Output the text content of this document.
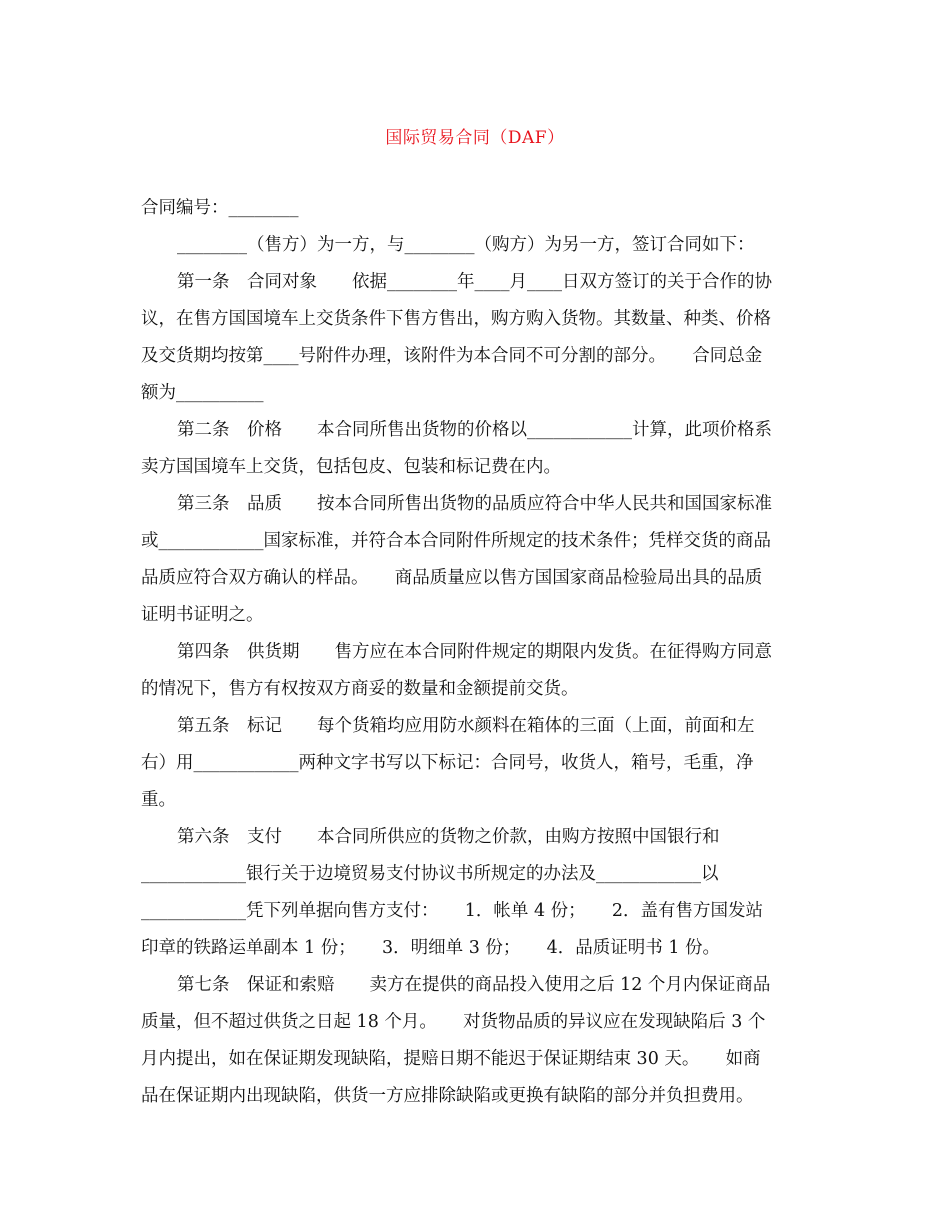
国际贸易合同（DAF）
合同编号：________
________（售方）为一方，与________（购方）为另一方，签订合同如下：
第一条　合同对象　　依据________年____月____日双方签订的关于合作的协
议，在售方国国境车上交货条件下售方售出，购方购入货物。其数量、种类、价格
及交货期均按第____号附件办理，该附件为本合同不可分割的部分。　　合同总金
额为__________
第二条　价格　　本合同所售出货物的价格以____________计算，此项价格系
卖方国国境车上交货，包括包皮、包装和标记费在内。
第三条　品质　　按本合同所售出货物的品质应符合中华人民共和国国家标准
或____________国家标准，并符合本合同附件所规定的技术条件；凭样交货的商品
品质应符合双方确认的样品。　　商品质量应以售方国国家商品检验局出具的品质
证明书证明之。
第四条　供货期　　售方应在本合同附件规定的期限内发货。在征得购方同意
的情况下，售方有权按双方商妥的数量和金额提前交货。
第五条　标记　　每个货箱均应用防水颜料在箱体的三面（上面，前面和左
右）用____________两种文字书写以下标记：合同号，收货人，箱号，毛重，净
重。
第六条　支付　　本合同所供应的货物之价款，由购方按照中国银行和
____________银行关于边境贸易支付协议书所规定的办法及____________以
____________凭下列单据向售方支付：　　1．帐单 4 份；　　2．盖有售方国发站
印章的铁路运单副本 1 份；　　3．明细单 3 份；　　4．品质证明书 1 份。
第七条　保证和索赔　　卖方在提供的商品投入使用之后 12 个月内保证商品
质量，但不超过供货之日起 18 个月。　　对货物品质的异议应在发现缺陷后 3 个
月内提出，如在保证期发现缺陷，提赔日期不能迟于保证期结束 30 天。　　如商
品在保证期内出现缺陷，供货一方应排除缺陷或更换有缺陷的部分并负担费用。
